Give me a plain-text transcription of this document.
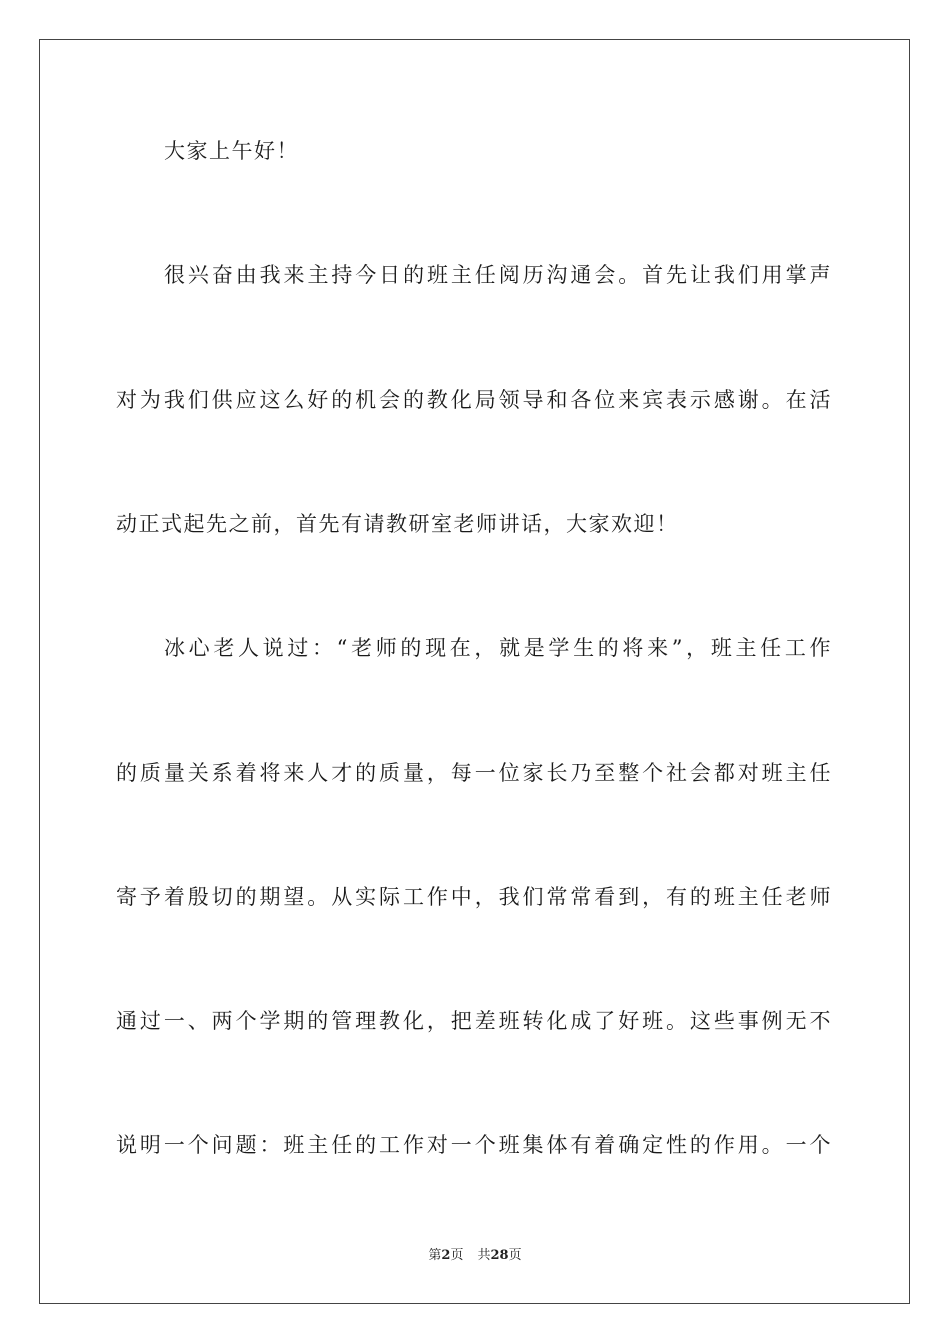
大家上午好！
很兴奋由我来主持今日的班主任阅历沟通会。首先让我们用掌声
对为我们供应这么好的机会的教化局领导和各位来宾表示感谢。在活
动正式起先之前，首先有请教研室老师讲话，大家欢迎！
冰心老人说过：“老师的现在，就是学生的将来”，班主任工作
的质量关系着将来人才的质量，每一位家长乃至整个社会都对班主任
寄予着殷切的期望。从实际工作中，我们常常看到，有的班主任老师
通过一、两个学期的管理教化，把差班转化成了好班。这些事例无不
说明一个问题：班主任的工作对一个班集体有着确定性的作用。一个
第2页 共28页
